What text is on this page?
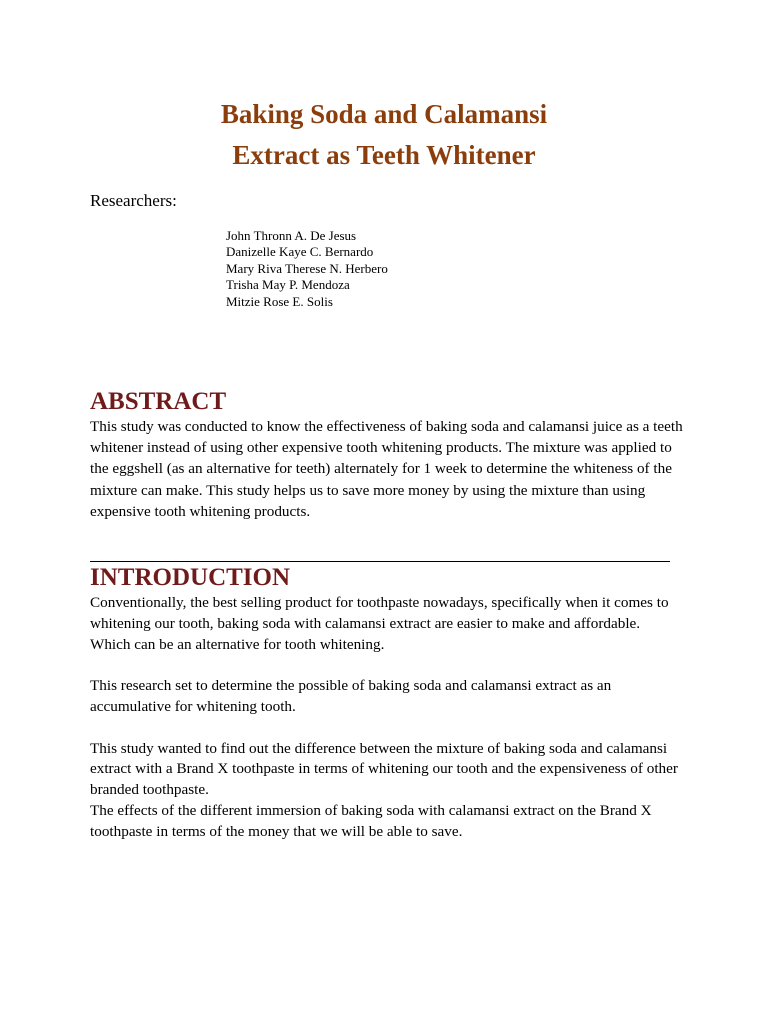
Baking Soda and Calamansi
Extract as Teeth Whitener

Researchers:

John Thronn A. De Jesus
Danizelle Kaye C. Bernardo
Mary Riva Therese N. Herbero
Trisha May P. Mendoza
Mitzie Rose E. Solis
ABSTRACT

This study was conducted to know the effectiveness of baking soda and calamansi juice as a teeth whitener instead of using other expensive tooth whitening products. The mixture was applied to the eggshell (as an alternative for teeth) alternately for 1 week to determine the whiteness of the mixture can make. This study helps us to save more money by using the mixture than using expensive tooth whitening products.

INTRODUCTION

Conventionally, the best selling product for toothpaste nowadays, specifically when it comes to whitening our tooth, baking soda with calamansi extract are easier to make and affordable.

Which can be an alternative for tooth whitening.

This research set to determine the possible of baking soda and calamansi extract as an accumulative for whitening tooth.

This study wanted to find out the difference between the mixture of baking soda and calamansi extract with a Brand X toothpaste in terms of whitening our tooth and the expensiveness of other branded toothpaste.

The effects of the different immersion of baking soda with calamansi extract on the Brand X toothpaste in terms of the money that we will be able to save.
